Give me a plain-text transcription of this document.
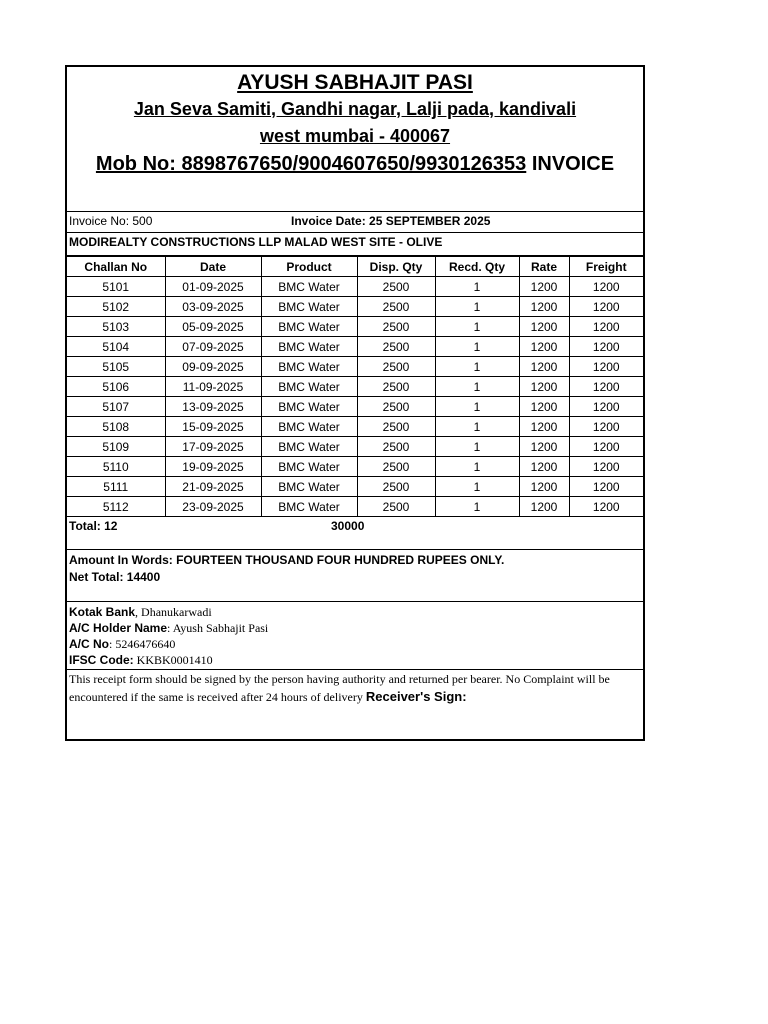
AYUSH SABHAJIT PASI
Jan Seva Samiti, Gandhi nagar, Lalji pada, kandivali
west mumbai - 400067
Mob No: 8898767650/9004607650/9930126353 INVOICE
Invoice No: 500	Invoice Date: 25 SEPTEMBER 2025
MODIREALTY CONSTRUCTIONS LLP MALAD WEST SITE - OLIVE
Challan No	Date	Product	Disp. Qty	Recd. Qty	Rate	Freight
5101	01-09-2025	BMC Water	2500	1	1200	1200
5102	03-09-2025	BMC Water	2500	1	1200	1200
5103	05-09-2025	BMC Water	2500	1	1200	1200
5104	07-09-2025	BMC Water	2500	1	1200	1200
5105	09-09-2025	BMC Water	2500	1	1200	1200
5106	11-09-2025	BMC Water	2500	1	1200	1200
5107	13-09-2025	BMC Water	2500	1	1200	1200
5108	15-09-2025	BMC Water	2500	1	1200	1200
5109	17-09-2025	BMC Water	2500	1	1200	1200
5110	19-09-2025	BMC Water	2500	1	1200	1200
5111	21-09-2025	BMC Water	2500	1	1200	1200
5112	23-09-2025	BMC Water	2500	1	1200	1200
Total: 12	30000
Amount In Words: FOURTEEN THOUSAND FOUR HUNDRED RUPEES ONLY.
Net Total: 14400
Kotak Bank, Dhanukarwadi
A/C Holder Name: Ayush Sabhajit Pasi
A/C No: 5246476640
IFSC Code: KKBK0001410
This receipt form should be signed by the person having authority and returned per bearer. No Complaint will be encountered if the same is received after 24 hours of delivery Receiver's Sign:
